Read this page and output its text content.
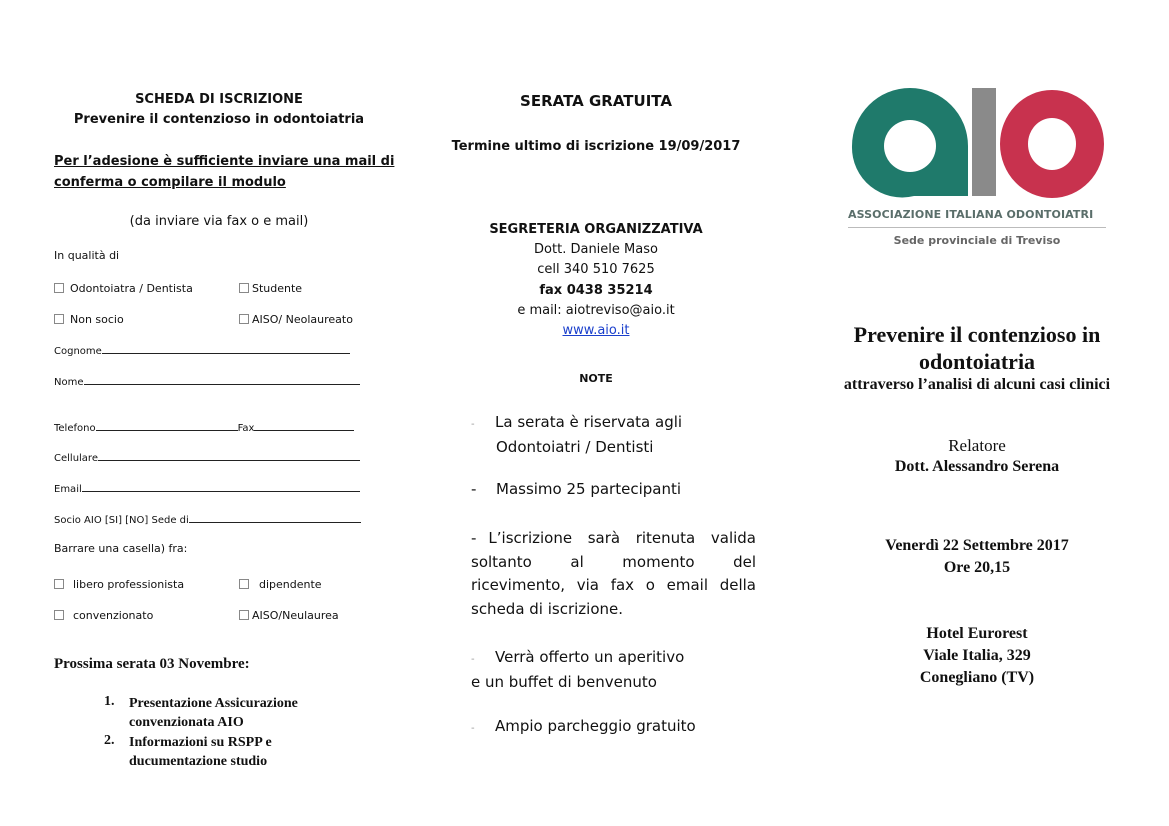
SCHEDA DI ISCRIZIONE
Prevenire il contenzioso in odontoiatria
Per l’adesione è sufficiente inviare una mail di
conferma o compilare il modulo
(da inviare via fax o e mail)
In qualità di
Odontoiatra / Dentista	Studente
Non socio	AISO/ Neolaureato
Cognome
Nome
Telefono	Fax
Cellulare
Email
Socio AIO [SI] [NO] Sede di
Barrare una casella) fra:
libero professionista	dipendente
convenzionato	AISO/Neulaurea
Prossima serata 03 Novembre:
1. Presentazione Assicurazione
convenzionata AIO
2. Informazioni su RSPP e
ducumentazione studio
SERATA GRATUITA
Termine ultimo di iscrizione 19/09/2017
SEGRETERIA ORGANIZZATIVA
Dott. Daniele Maso
cell 340 510 7625
fax 0438 35214
e mail: aiotreviso@aio.it
www.aio.it
NOTE
- La serata è riservata agli
Odontoiatri / Dentisti
- Massimo 25 partecipanti
- L’iscrizione sarà ritenuta valida
soltanto al momento del
ricevimento, via fax o email della
scheda di iscrizione.
- Verrà offerto un aperitivo
e un buffet di benvenuto
- Ampio parcheggio gratuito
ASSOCIAZIONE ITALIANA ODONTOIATRI
Sede provinciale di Treviso
Prevenire il contenzioso in
odontoiatria
attraverso l’analisi di alcuni casi clinici
Relatore
Dott. Alessandro Serena
Venerdì 22 Settembre 2017
Ore 20,15
Hotel Eurorest
Viale Italia, 329
Conegliano (TV)
